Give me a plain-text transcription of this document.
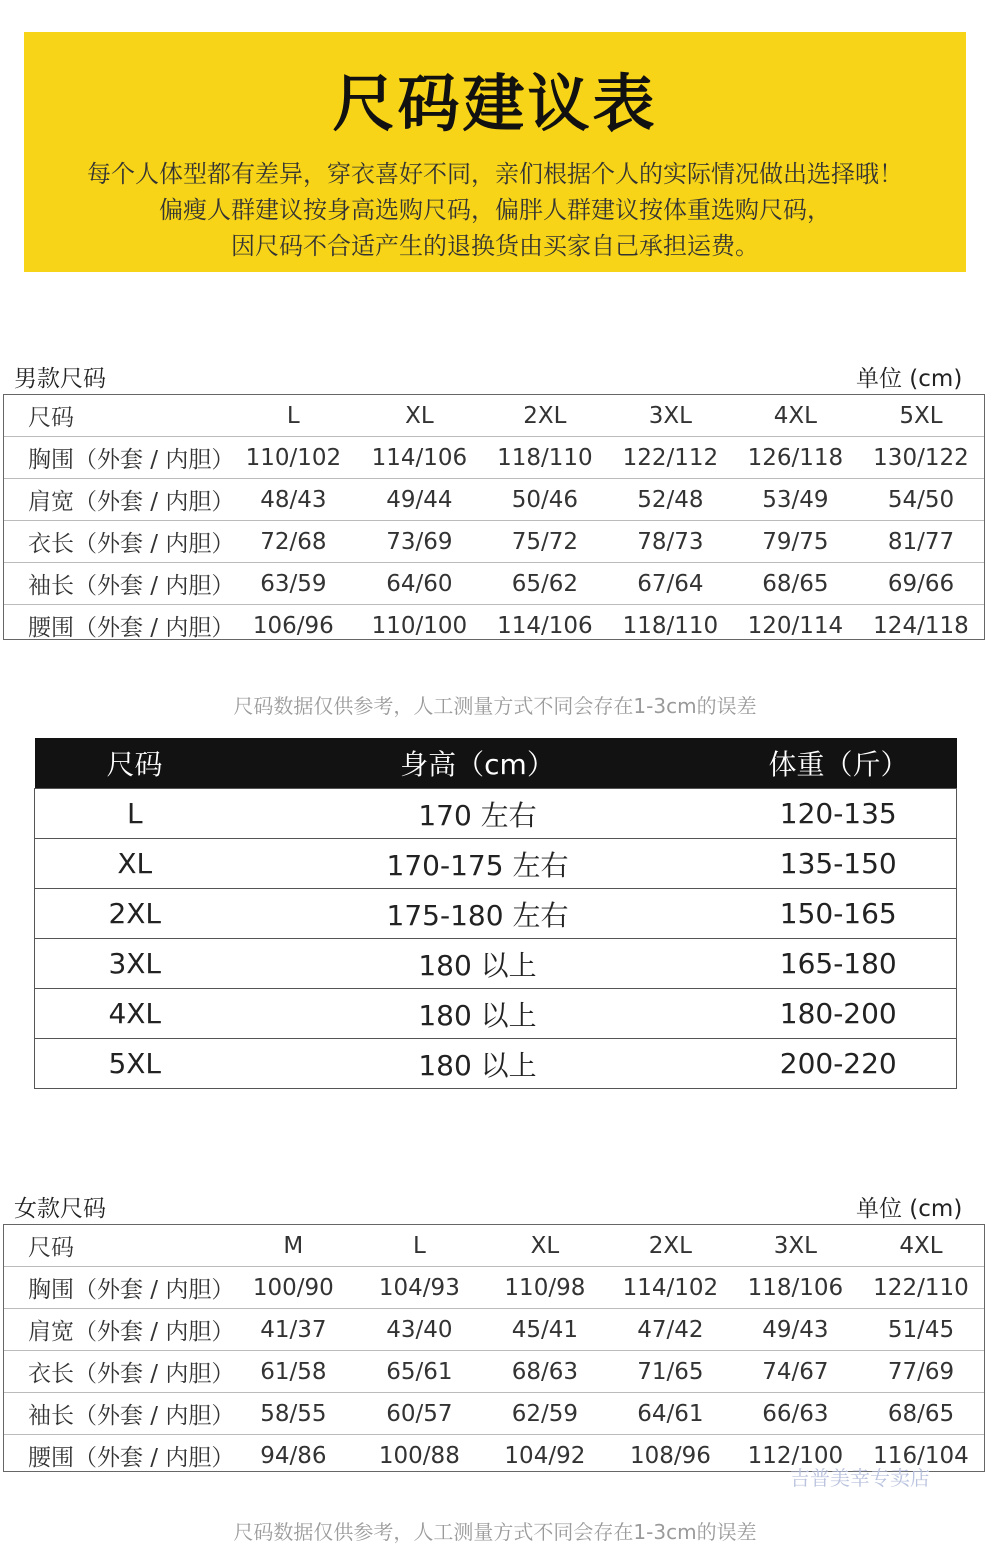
尺码建议表
每个人体型都有差异，穿衣喜好不同，亲们根据个人的实际情况做出选择哦！
偏瘦人群建议按身高选购尺码，偏胖人群建议按体重选购尺码，
因尺码不合适产生的退换货由买家自己承担运费。
男款尺码	单位 (cm)
尺码	L	XL	2XL	3XL	4XL	5XL
胸围（外套 / 内胆）	110/102	114/106	118/110	122/112	126/118	130/122
肩宽（外套 / 内胆）	48/43	49/44	50/46	52/48	53/49	54/50
衣长（外套 / 内胆）	72/68	73/69	75/72	78/73	79/75	81/77
袖长（外套 / 内胆）	63/59	64/60	65/62	67/64	68/65	69/66
腰围（外套 / 内胆）	106/96	110/100	114/106	118/110	120/114	124/118
尺码数据仅供参考，人工测量方式不同会存在1-3cm的误差
尺码	身高（cm）	体重（斤）
L	170 左右	120-135
XL	170-175 左右	135-150
2XL	175-180 左右	150-165
3XL	180 以上	165-180
4XL	180 以上	180-200
5XL	180 以上	200-220
女款尺码	单位 (cm)
尺码	M	L	XL	2XL	3XL	4XL
胸围（外套 / 内胆）	100/90	104/93	110/98	114/102	118/106	122/110
肩宽（外套 / 内胆）	41/37	43/40	45/41	47/42	49/43	51/45
衣长（外套 / 内胆）	61/58	65/61	68/63	71/65	74/67	77/69
袖长（外套 / 内胆）	58/55	60/57	62/59	64/61	66/63	68/65
腰围（外套 / 内胆）	94/86	100/88	104/92	108/96	112/100	116/104
吉普美幸专卖店
尺码数据仅供参考，人工测量方式不同会存在1-3cm的误差
